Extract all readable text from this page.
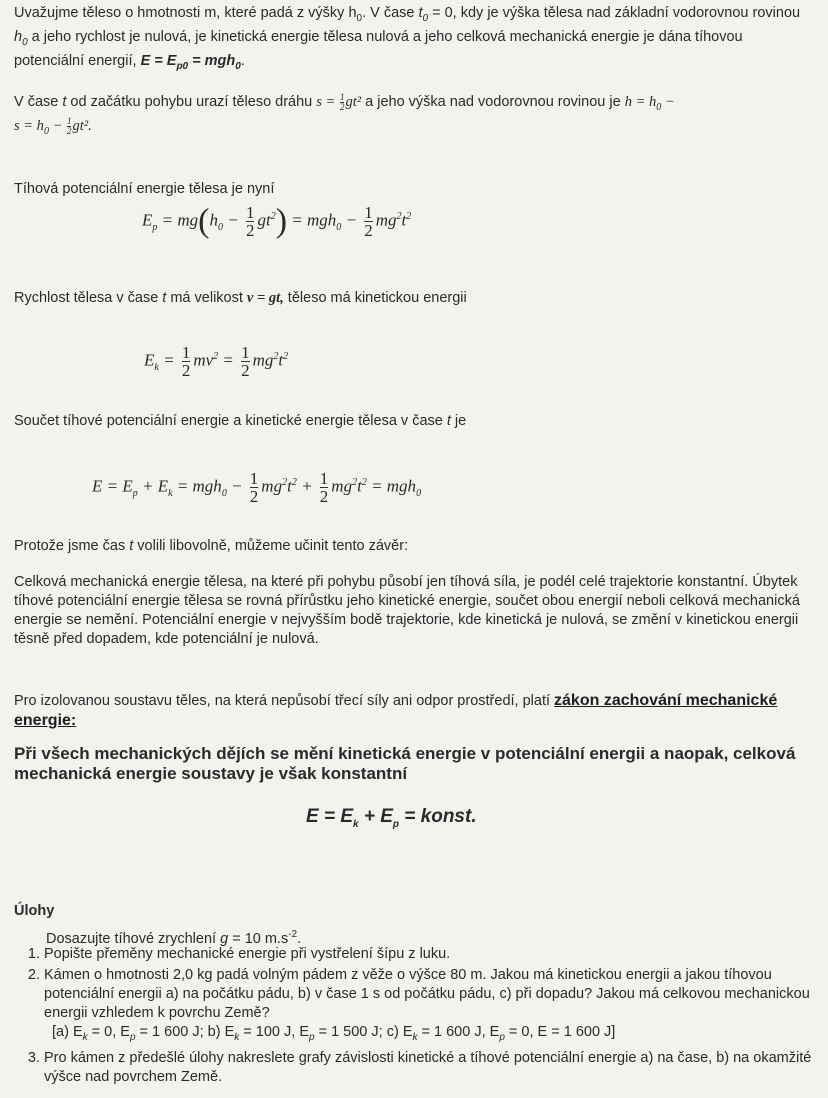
Uvažujme těleso o hmotnosti m, které padá z výšky $h_0$. V čase $t_0 = 0$, kdy je výška tělesa nad základní vodorovnou rovinou $h_0$ a jeho rychlost je nulová, je kinetická energie tělesa nulová a jeho celková mechanická energie je dána tíhovou potenciální energií, $E = E_{p0} = mgh_0$.
V čase t od začátku pohybu urazí těleso dráhu $s = \frac{1}{2} gt^2$ a jeho výška nad vodorovnou rovinou je $h = h_0$ −
$s = h_0 - \frac{1}{2} gt^2$.
Tíhová potenciální energie tělesa je nyní
$E_p = mg(h_0 - \frac{1}{2} gt^2) = mgh_0 - \frac{1}{2} mg^2t^2$
Rychlost tělesa v čase t má velikost v = gt, těleso má kinetickou energii
$E_k = \frac{1}{2} mv^2 = \frac{1}{2} mg^2t^2$
Součet tíhové potenciální energie a kinetické energie tělesa v čase t je
$E = E_p + E_k = mgh_0 - \frac{1}{2} mg^2t^2 + \frac{1}{2} mg^2t^2 = mgh_0$
Protože jsme čas t volili libovolně, můžeme učinit tento závěr:
Celková mechanická energie tělesa, na které při pohybu působí jen tíhová síla, je podél celé trajektorie konstantní. Úbytek tíhové potenciální energie tělesa se rovná přírůstku jeho kinetické energie, součet obou energií neboli celková mechanická energie se nemění. Potenciální energie v nejvyšším bodě trajektorie, kde kinetická je nulová, se změní v kinetickou energii těsně před dopadem, kde potenciální je nulová.
Pro izolovanou soustavu těles, na která nepůsobí třecí síly ani odpor prostředí, platí zákon zachování mechanické energie:
Při všech mechanických dějích se mění kinetická energie v potenciální energii a naopak, celková mechanická energie soustavy je však konstantní
$E = E_k + E_p$ = konst.
Úlohy
Dosazujte tíhové zrychlení g = 10 $m.s^{-2}$.
1. Popište přeměny mechanické energie při vystřelení šípu z luku.
2. Kámen o hmotnosti 2,0 kg padá volným pádem z věže o výšce 80 m. Jakou má kinetickou energii a jakou tíhovou potenciální energii a) na počátku pádu, b) v čase 1 s od počátku pádu, c) při dopadu? Jakou má celkovou mechanickou energii vzhledem k povrchu Země?
[a) $E_k = 0$, $E_p = 1$ 600 J; b) $E_k = 100$ J, $E_p = 1$ 500 J; c) $E_k = 1$ 600 J, $E_p = 0$, E = 1 600 J]
3. Pro kámen z předešlé úlohy nakreslete grafy závislosti kinetické a tíhové potenciální energie a) na čase, b) na okamžité výšce nad povrchem Země.
